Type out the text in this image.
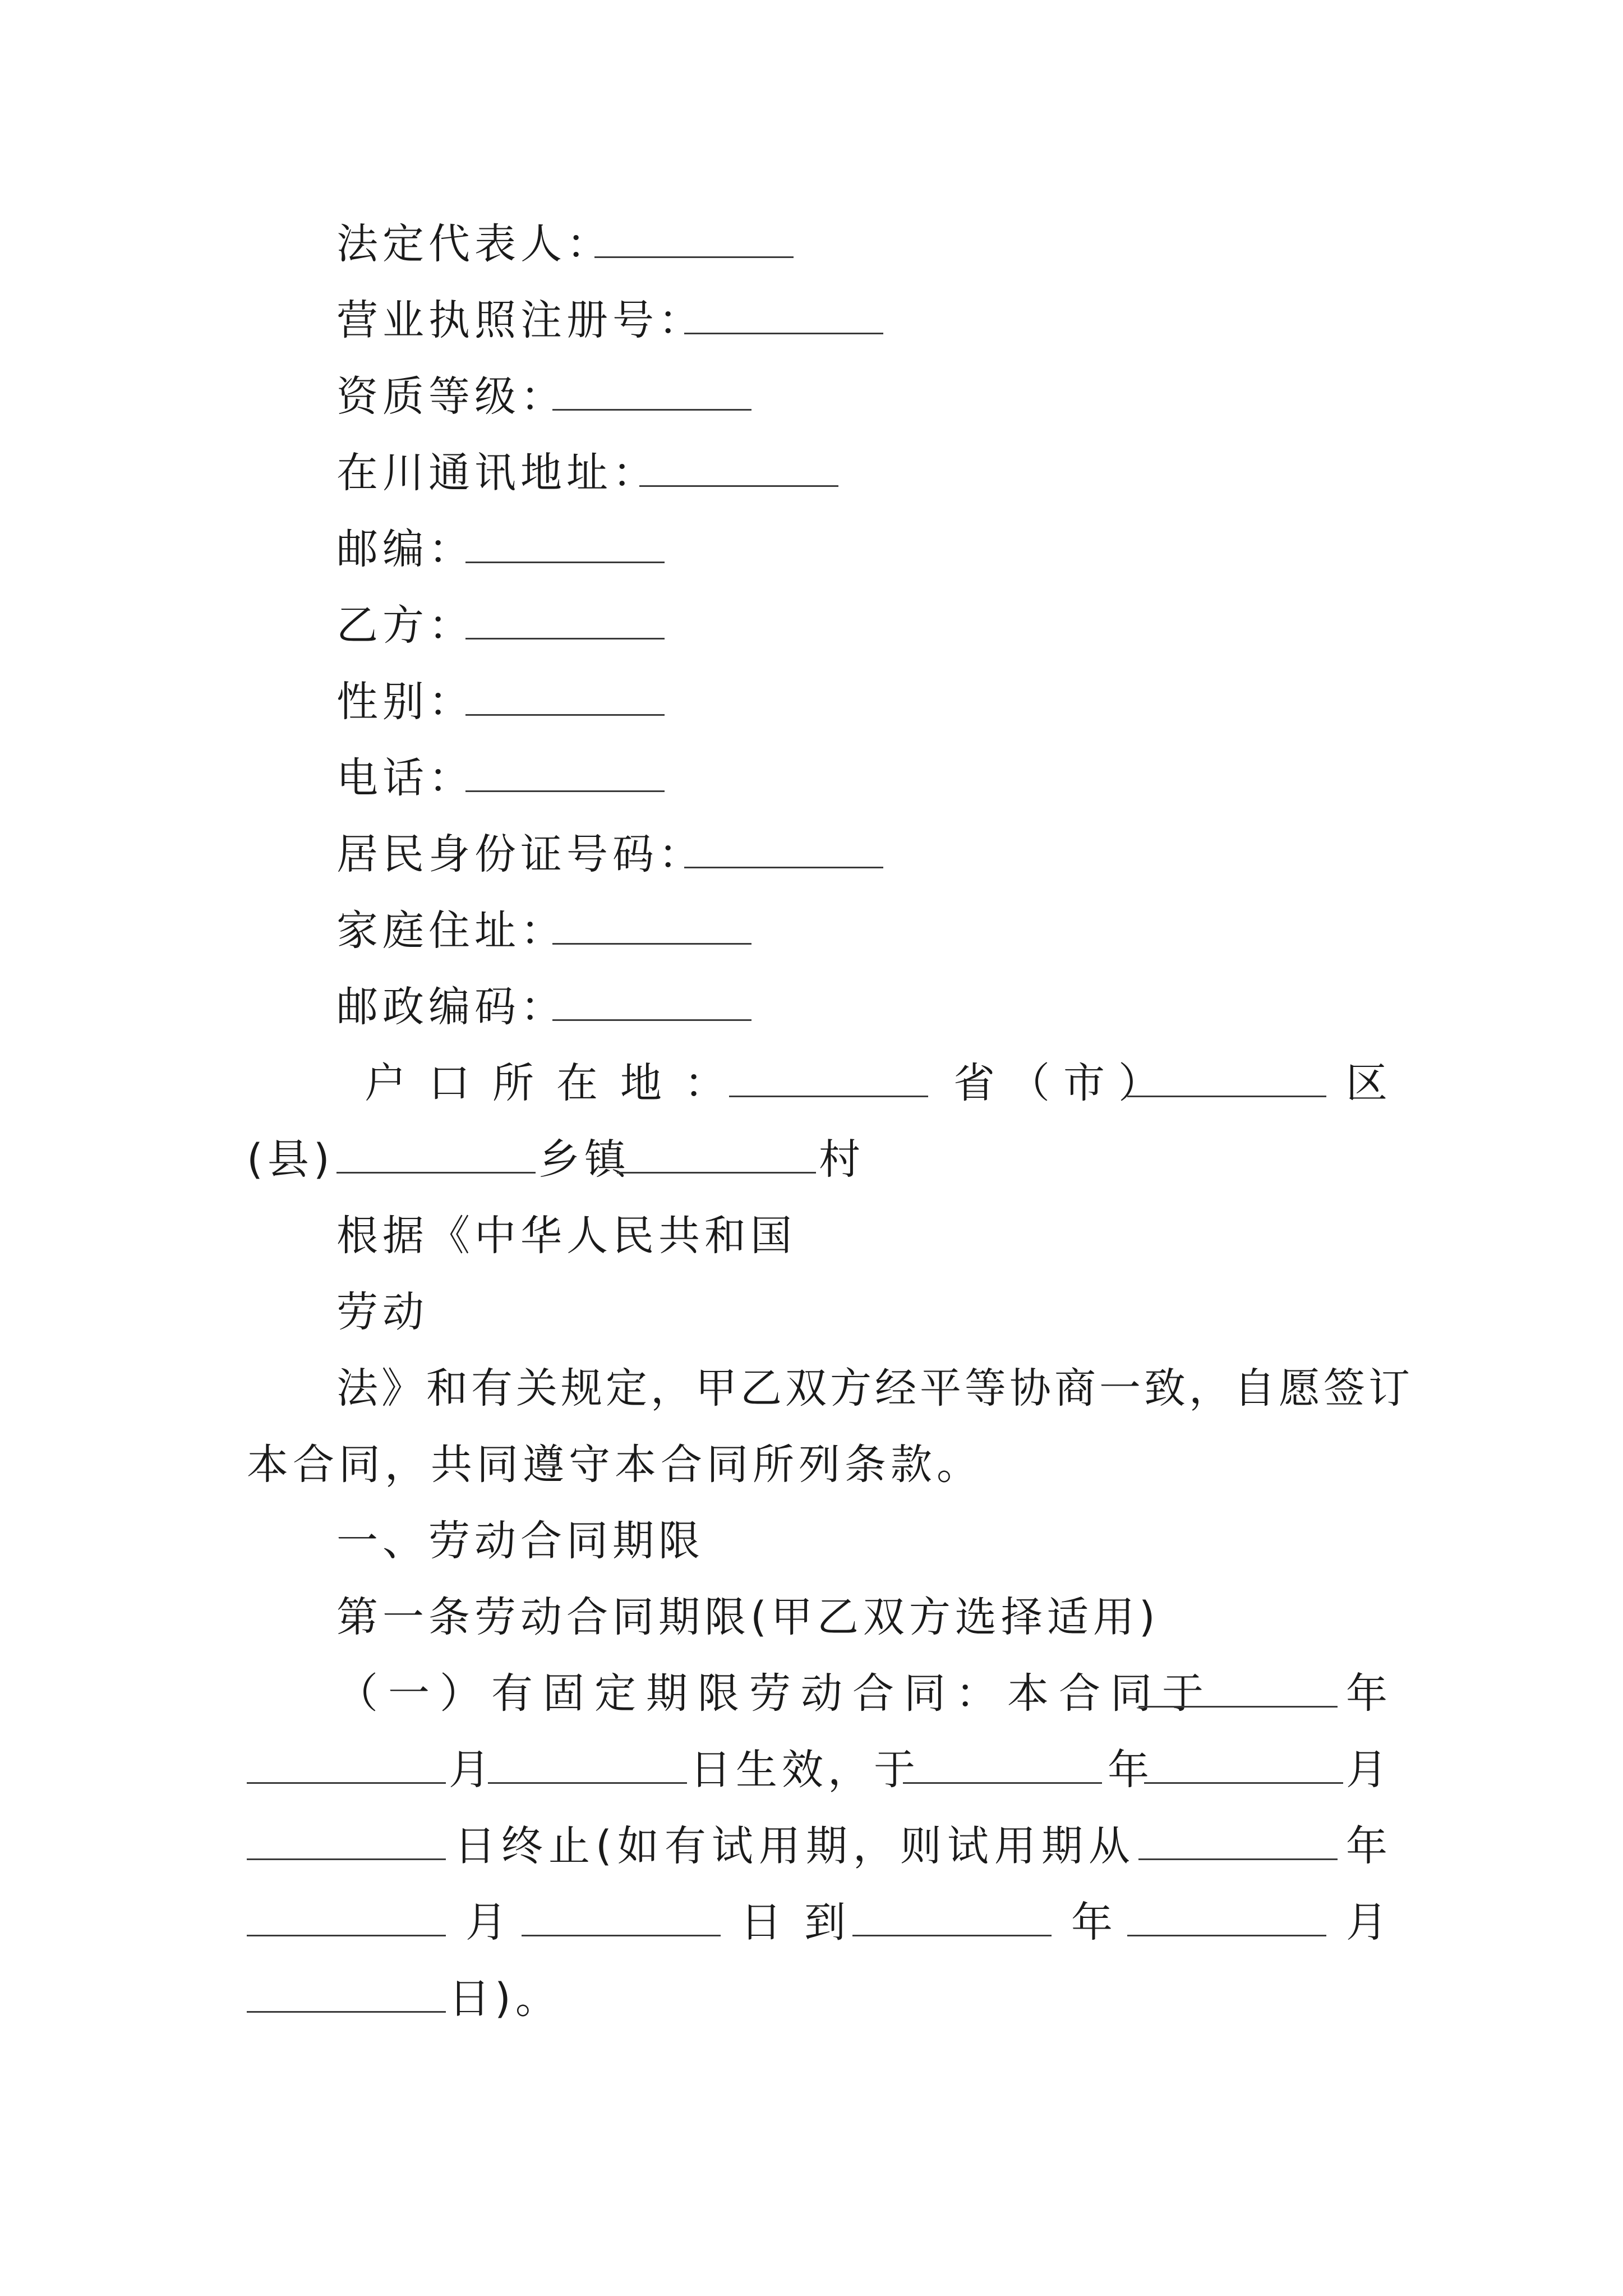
法定代表人：
营业执照注册号：
资质等级：
在川通讯地址：
邮编：
乙方：
性别：
电话：
居民身份证号码：
家庭住址：
邮政编码：
户口所在地：	省（市）	区
(县)	乡镇	村
根据《中华人民共和国
劳动
法》和有关规定，甲乙双方经平等协商一致，自愿签订
本合同，共同遵守本合同所列条款。
一、劳动合同期限
第一条劳动合同期限(甲乙双方选择适用)
（一）有固定期限劳动合同：本合同于	年
月	日生效，于	年	月
日终止(如有试用期，则试用期从	年
月	日到	年	月
日)。
